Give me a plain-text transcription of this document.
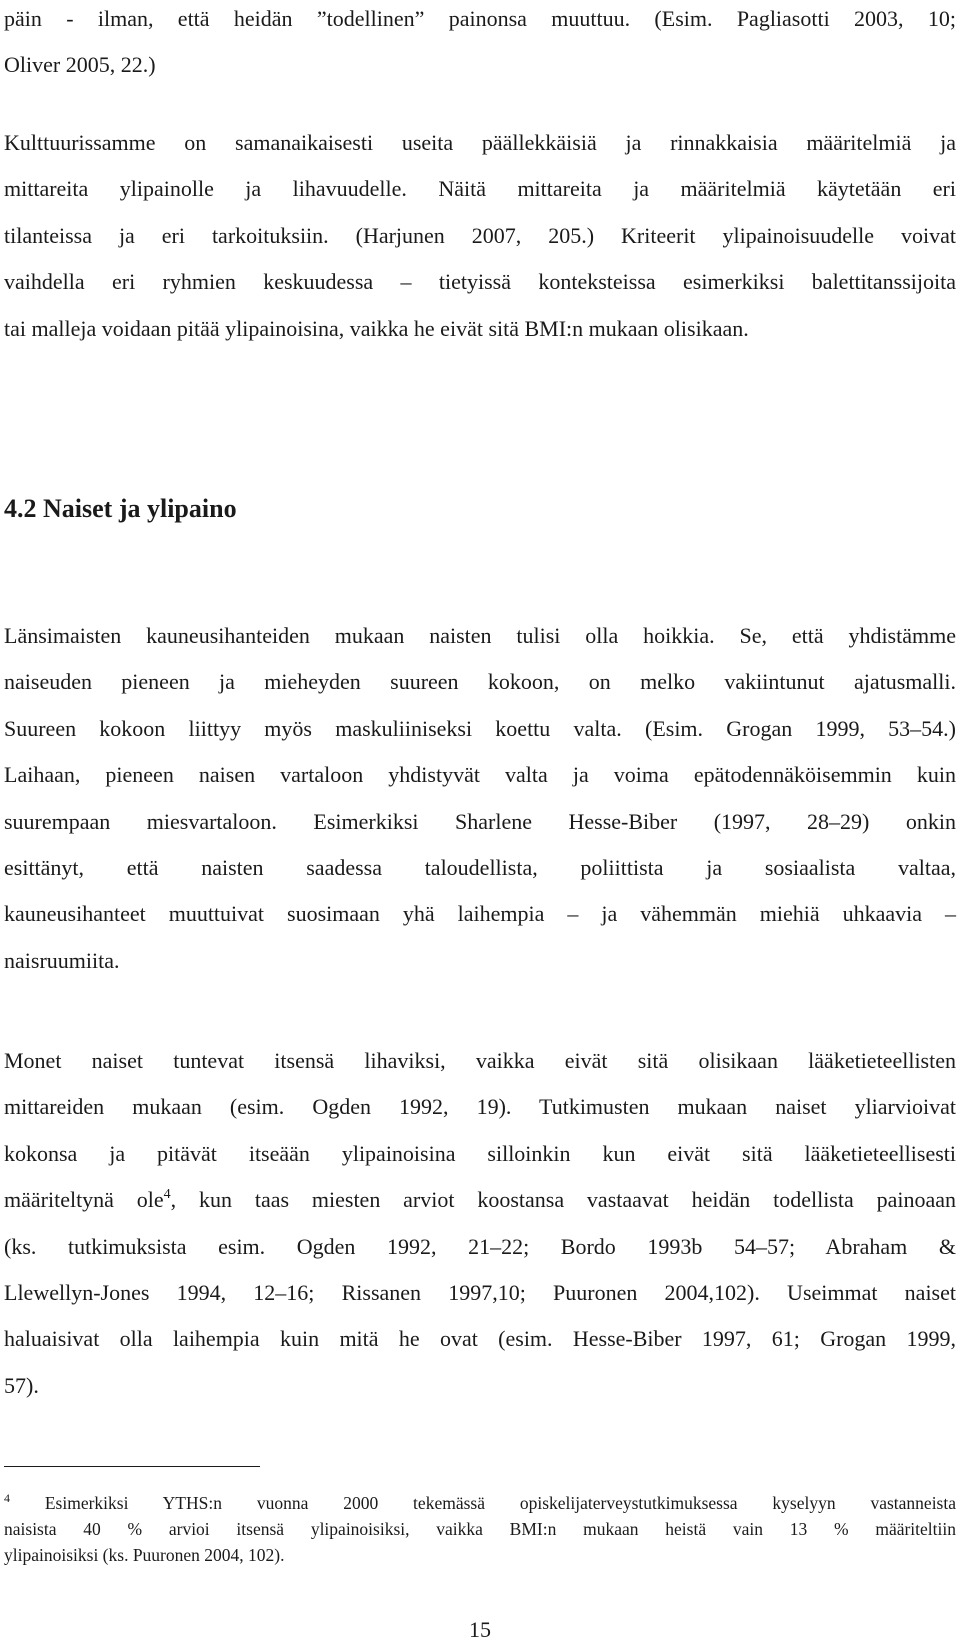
päin - ilman, että heidän ”todellinen” painonsa muuttuu. (Esim. Pagliasotti 2003, 10;
Oliver 2005, 22.)
Kulttuurissamme on samanaikaisesti useita päällekkäisiä ja rinnakkaisia määritelmiä ja
mittareita ylipainolle ja lihavuudelle. Näitä mittareita ja määritelmiä käytetään eri
tilanteissa ja eri tarkoituksiin. (Harjunen 2007, 205.) Kriteerit ylipainoisuudelle voivat
vaihdella eri ryhmien keskuudessa – tietyissä konteksteissa esimerkiksi balettitanssijoita
tai malleja voidaan pitää ylipainoisina, vaikka he eivät sitä BMI:n mukaan olisikaan.
4.2 Naiset ja ylipaino
Länsimaisten kauneusihanteiden mukaan naisten tulisi olla hoikkia. Se, että yhdistämme
naiseuden pieneen ja mieheyden suureen kokoon, on melko vakiintunut ajatusmalli.
Suureen kokoon liittyy myös maskuliiniseksi koettu valta. (Esim. Grogan 1999, 53–54.)
Laihaan, pieneen naisen vartaloon yhdistyvät valta ja voima epätodennäköisemmin kuin
suurempaan miesvartaloon. Esimerkiksi Sharlene Hesse-Biber (1997, 28–29) onkin
esittänyt, että naisten saadessa taloudellista, poliittista ja sosiaalista valtaa,
kauneusihanteet muuttuivat suosimaan yhä laihempia – ja vähemmän miehiä uhkaavia –
naisruumiita.
Monet naiset tuntevat itsensä lihaviksi, vaikka eivät sitä olisikaan lääketieteellisten
mittareiden mukaan (esim. Ogden 1992, 19). Tutkimusten mukaan naiset yliarvioivat
kokonsa ja pitävät itseään ylipainoisina silloinkin kun eivät sitä lääketieteellisesti
määriteltynä ole$^4$, kun taas miesten arviot koostansa vastaavat heidän todellista painoaan
(ks. tutkimuksista esim. Ogden 1992, 21–22; Bordo 1993b 54–57; Abraham &
Llewellyn-Jones 1994, 12–16; Rissanen 1997,10; Puuronen 2004,102). Useimmat naiset
haluaisivat olla laihempia kuin mitä he ovat (esim. Hesse-Biber 1997, 61; Grogan 1999,
57).
$^4$ Esimerkiksi YTHS:n vuonna 2000 tekemässä opiskelijaterveystutkimuksessa kyselyyn vastanneista
naisista 40 % arvioi itsensä ylipainoisiksi, vaikka BMI:n mukaan heistä vain 13 % määriteltiin
ylipainoisiksi (ks. Puuronen 2004, 102).
15
